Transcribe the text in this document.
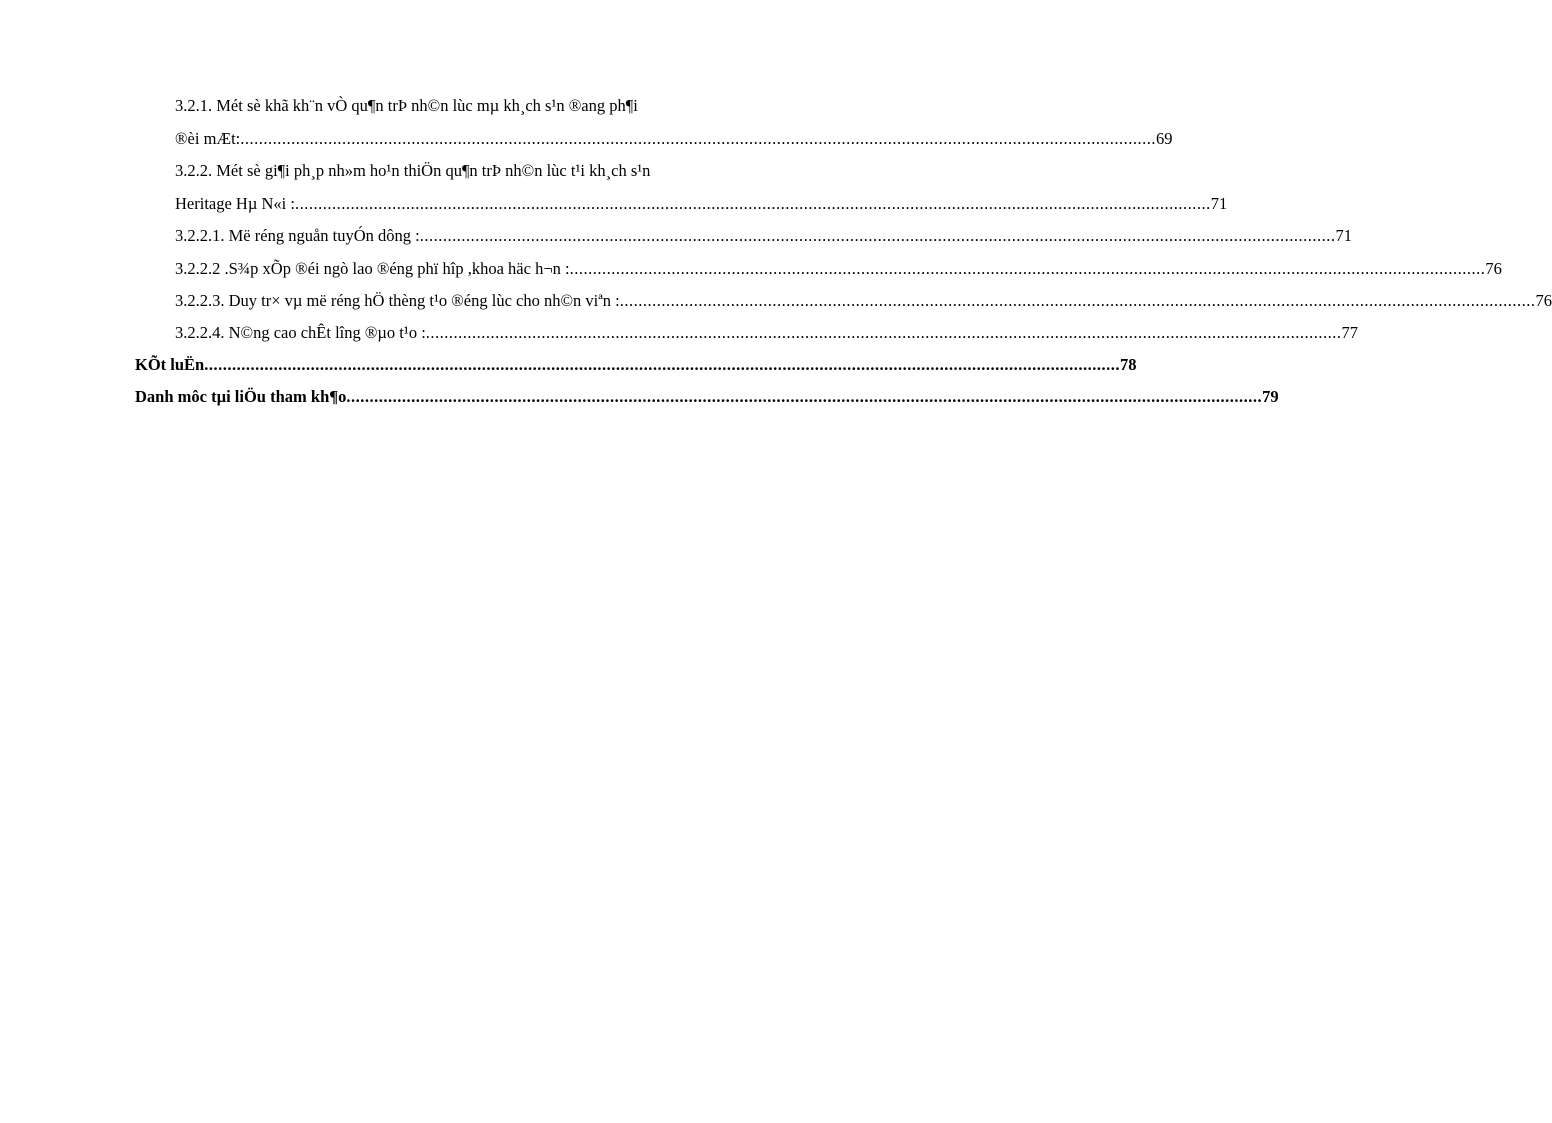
3.2.1. Mét sè khã kh¨n vÒ qu¶n trÞ nh©n lùc mµ kh¸ch s¹n ®ang ph¶i
®èi mÆt: ...................................................................................................................................................................................................... 69
3.2.2. Mét sè gi¶i ph¸p nh»m ho¹n thiÖn qu¶n trÞ nh©n lùc t¹i kh¸ch s¹n
Heritage Hµ N«i : ...................................................................................................................................................................................................... 71
3.2.2.1. Më réng nguån tuyÓn dông : ...................................................................................................................................................................................................... 71
3.2.2.2 .S¾p xÕp ®éi ngò lao ®éng phï hîp ,khoa häc h¬n : ...................................................................................................................................................................................................... 76
3.2.2.3. Duy tr× vµ më réng hÖ thèng t¹o ®éng lùc cho nh©n viªn : ...................................................................................................................................................................................................... 76
3.2.2.4. N©ng cao chÊt lîng ®µo t¹o : ...................................................................................................................................................................................................... 77
KÕt luËn ...................................................................................................................................................................................................... 78
Danh môc tµi liÖu tham kh¶o ...................................................................................................................................................................................................... 79
